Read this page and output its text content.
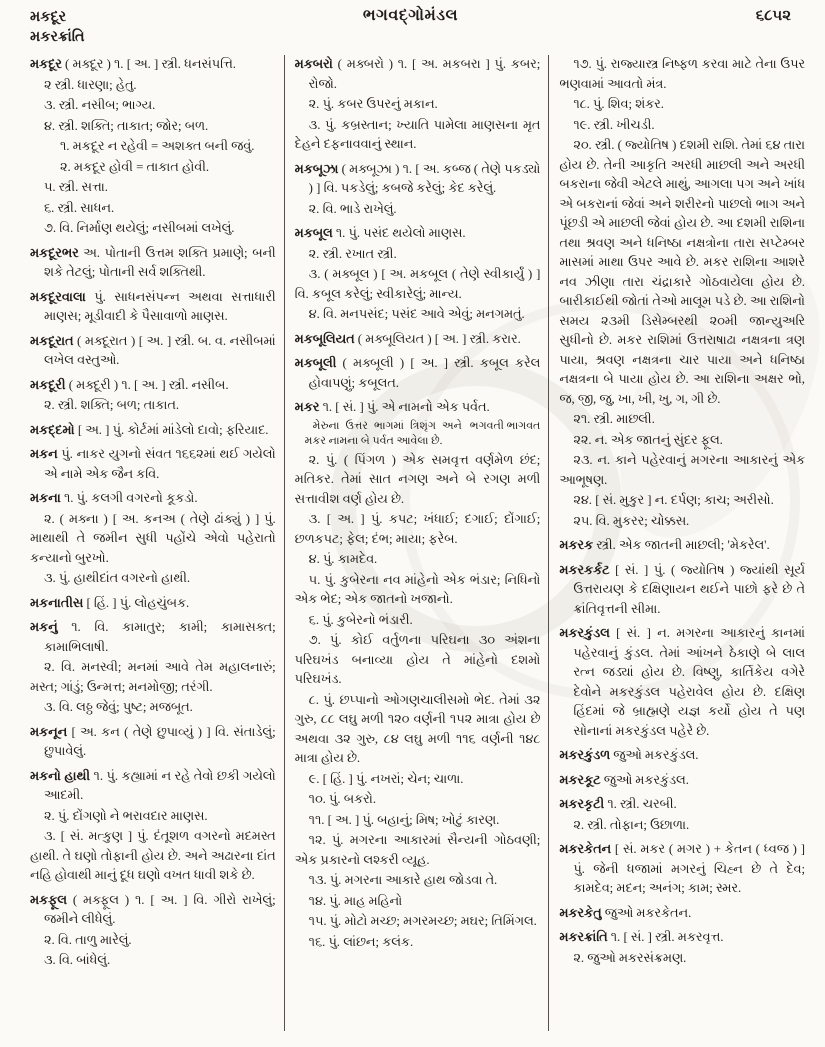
મકદૂર
મકરક્રાંતિ
ભગવદ્ગોમંડલ	૬૮૫૨
મકદૂર ( મક્દૂર ) ૧. [ અ. ] સ્ત્રી. ધનસંપત્તિ.
૨ સ્ત્રી. ધારણા; હેતુ.
૩. સ્ત્રી. નસીબ; ભાગ્ય.
૪. સ્ત્રી. શક્તિ; તાકાત; જોર; બળ.
૧. મકદૂર ન રહેવી = અશક્ત બની જવું.
૨. મકદૂર હોવી = તાકાત હોવી.
૫. સ્ત્રી. સત્તા.
૬. સ્ત્રી. સાધન.
૭. વિ. નિર્માણ થયેલું; નસીબમાં લખેલું.
મકદૂરભર અ. પોતાની ઉત્તમ શક્તિ પ્રમાણે; બની શકે તેટલું; પોતાની સર્વ શક્તિથી.
મકદૂરવાલા પું. સાધનસંપન્ન અથવા સત્તાધારી માણસ; મૂડીવાદી કે પૈસાવાળો માણસ.
મકદૂરાત ( મક્દૂરાત ) [ અ. ] સ્ત્રી. બ. વ. નસીબમાં લખેલ વસ્તુઓ.
મકદૂરી ( મક્દૂરી ) ૧. [ અ. ] સ્ત્રી. નસીબ.
૨. સ્ત્રી. શક્તિ; બળ; તાકાત.
મકદ્દમો [ અ. ] પું. કોર્ટમાં માંડેલો દાવો; ફરિયાદ.
મકન પું. નાકર યુગનો સંવત ૧૬૬૨માં થઈ ગયેલો એ નામે એક જૈન કવિ.
મકના ૧. પું. કલગી વગરનો કૂકડો.
૨. ( મક્ના ) [ અ. કનઅ ( તેણે ઢાંક્યું ) ] પું. માથાથી તે જમીન સુધી પહોંચે એવો પહેરાતો કન્યાનો બુરખો.
૩. પું. હાથીદાંત વગરનો હાથી.
મકનાતીસ [ હિં. ] પું. લોહચુંબક.
મકનું ૧. વિ. કામાતુર; કામી; કામાસક્ત; કામાભિલાષી.
૨. વિ. મનસ્વી; મનમાં આવે તેમ મહાલનારું; મસ્ત; ગાંડું; ઉન્મત્ત; મનમોજી; તરંગી.
૩. વિ. લઠ્ઠ જેવું; પુષ્ટ; મજબૂત.
મકનૂન [ અ. કન ( તેણે છુપાવ્યું ) ] વિ. સંતાડેલું; છુપાવેલું.
મકનો હાથી ૧. પું. કહ્યામાં ન રહે તેવો છકી ગયેલો આદમી.
૨. પું. દોંગણો ને ભરાવદાર માણસ.
૩. [ સં. મત્કુણ ] પું. દંતૂશળ વગરનો મદમસ્ત હાથી. તે ઘણો તોફાની હોય છે. અને અઢારના દાંત નહિ હોવાથી માનું દૂધ ઘણો વખત ધાવી શકે છે.
મકફૂલ ( મક્ફૂલ ) ૧. [ અ. ] વિ. ગીરો રાખેલું; જમીને લીધેલું.
૨. વિ. તાળુ મારેલું.
૩. વિ. બાંધેલું.
મકબરો ( મક્બરો ) ૧. [ અ. મકબરા ] પું. કબર; રોજો.
૨. પું. કબર ઉપરનું મકાન.
૩. પું. કબ્રસ્તાન; ખ્યાતિ પામેલા માણસના મૃત દેહને દફનાવવાનું સ્થાન.
મકબૂઝા ( મક્બૂઝા ) ૧. [ અ. કબ્જ ( તેણે પકડ્યો ) ] વિ. પકડેલું; કબજે કરેલું; કેદ કરેલું.
૨. વિ. ભાડે રાખેલું.
મકબૂલ ૧. પું. પસંદ થયેલો માણસ.
૨. સ્ત્રી. રખાત સ્ત્રી.
૩. ( મક્બૂલ ) [ અ. મકબૂલ ( તેણે સ્વીકાર્યું ) ] વિ. કબૂલ કરેલું; સ્વીકારેલું; માન્ય.
૪. વિ. મનપસંદ; પસંદ આવે એવું; મનગમતું.
મકબૂલિયત ( મક્બૂલિયત ) [ અ. ] સ્ત્રી. કરાર.
મકબૂલી ( મક્બૂલી ) [ અ. ] સ્ત્રી. કબૂલ કરેલ હોવાપણું; કબૂલત.
મકર ૧. [ સં. ] પું. એ નામનો એક પર્વત.
ભગવતી ભાગવત
મેરુના ઉત્તર ભાગમાં ત્રિશૃંગ અને મકર નામના બે પર્વત આવેલા છે.
૨. પું. ( પિંગળ ) એક સમવૃત્ત વર્ણમેળ છંદ; મતિકર. તેમાં સાત નગણ અને બે રગણ મળી સત્તાવીશ વર્ણ હોય છે.
૩. [ અ. ] પું. કપટ; ખંધાઈ; દગાઈ; દોંગાઈ; છળકપટ; ફેલ; દંભ; માયા; ફરેબ.
૪. પું. કામદેવ.
૫. પું. કુબેરના નવ માંહેનો એક ભંડાર; નિધિનો એક ભેદ; એક જાતનો ખજાનો.
૬. પું. કુબેરનો ભંડારી.
૭. પું. કોઈ વર્તુળના પરિઘના ૩૦ અંશના પરિઘખંડ બનાવ્યા હોય તે માંહેનો દશમો પરિઘખંડ.
૮. પું. છપ્પાનો ઓગણચાલીસમો ભેદ. તેમાં ૩૨ ગુરુ, ૮૮ લઘુ મળી ૧૨૦ વર્ણની ૧૫૨ માત્રા હોય છે અથવા ૩૨ ગુરુ, ૮૪ લઘુ મળી ૧૧૬ વર્ણની ૧૪૮ માત્રા હોય છે.
૯. [ હિં. ] પું. નખરાં; ચેન; ચાળા.
૧૦. પું. બકરો.
૧૧. [ અ. ] પું. બહાનું; મિષ; ખોટું કારણ.
૧૨. પું. મગરના આકારમાં સૈન્યની ગોઠવણી; એક પ્રકારનો લશ્કરી વ્યૂહ.
૧૩. પું. મગરના આકારે હાથ જોડવા તે.
૧૪. પું. માહ મહિનો
૧૫. પું. મોટો મચ્છ; મગરમચ્છ; મઘર; તિમિંગલ.
૧૬. પું. લાંછન; કલંક.
૧૭. પું. રાજ્યાસ્ત્ર નિષ્ફળ કરવા માટે તેના ઉપર ભણવામાં આવતો મંત્ર.
૧૮. પું. શિવ; શંકર.
૧૯. સ્ત્રી. ખીચડી.
૨૦. સ્ત્રી. ( જ્યોતિષ ) દશમી રાશિ. તેમાં ૬૪ તારા હોય છે. તેની આકૃતિ અરધી માછલી અને અરધી બકરાના જેવી એટલે માથું, આગલા પગ અને ખાંધ એ બકરાનાં જેવાં અને શરીરનો પાછલો ભાગ અને પૂંછડી એ માછલી જેવાં હોય છે. આ દશમી રાશિના તથા શ્રવણ અને ધનિષ્ઠા નક્ષત્રોના તારા સપ્ટેમ્બર માસમાં માથા ઉપર આવે છે. મકર રાશિના આશરે નવ ઝીણા તારા ચંદ્રાકારે ગોઠવાયેલા હોય છે. બારીકાઈથી જોતાં તેઓ માલૂમ પડે છે. આ રાશિનો સમય ૨૩મી ડિસેમ્બરથી ૨૦મી જાન્યુઅરિ સુધીનો છે. મકર રાશિમાં ઉત્તરાષાઢા નક્ષત્રના ત્રણ પાયા, શ્રવણ નક્ષત્રના ચાર પાયા અને ધનિષ્ઠા નક્ષત્રના બે પાયા હોય છે. આ રાશિના અક્ષર ભો, જ, જી, જુ, ખા, ખી, ખુ, ગ, ગી છે.
૨૧. સ્ત્રી. માછલી.
૨૨. ન. એક જાતનું સુંદર ફૂલ.
૨૩. ન. કાને પહેરવાનું મગરના આકારનું એક આભૂષણ.
૨૪. [ સં. મુકુર ] ન. દર્પણ; કાચ; અરીસો.
૨૫. વિ. મુકરર; ચોક્કસ.
મકરક સ્ત્રી. એક જાતની માછલી; 'મેકરેલ'.
મકરકર્કટ [ સં. ] પું. ( જ્યોતિષ ) જ્યાંથી સૂર્ય ઉત્તરાયણ કે દક્ષિણાયન થઈને પાછો ફરે છે તે ક્રાંતિવૃત્તની સીમા.
મકરકુંડલ [ સં. ] ન. મગરના આકારનું કાનમાં પહેરવાનું કુંડલ. તેમાં આંખને ઠેકાણે બે લાલ રત્ન જડ્યાં હોય છે. વિષ્ણુ, કાર્તિકેય વગેરે દેવોને મકરકુંડલ પહેરાવેલ હોય છે. દક્ષિણ હિંદમાં જે બ્રાહ્મણે યજ્ઞ કર્યો હોય તે પણ સોનાનાં મકરકુંડલ પહેરે છે.
મકરકુંડળ જુઓ મકરકુંડલ.
મકરકૂટ જુઓ મકરકુંડલ.
મકરકૃટી ૧. સ્ત્રી. ચરબી.
૨. સ્ત્રી. તોફાન; ઉછાળા.
મકરકેતન [ સં. મકર ( મગર ) + કેતન ( ધ્વજ ) ] પું. જેની ધજામાં મગરનું ચિહ્ન છે તે દેવ; કામદેવ; મદન; અનંગ; કામ; સ્મર.
મકરકેતુ જુઓ મકરકેતન.
મકરક્રાંતિ ૧. [ સં. ] સ્ત્રી. મકરવૃત્ત.
૨. જુઓ મકરસંક્રમણ.
